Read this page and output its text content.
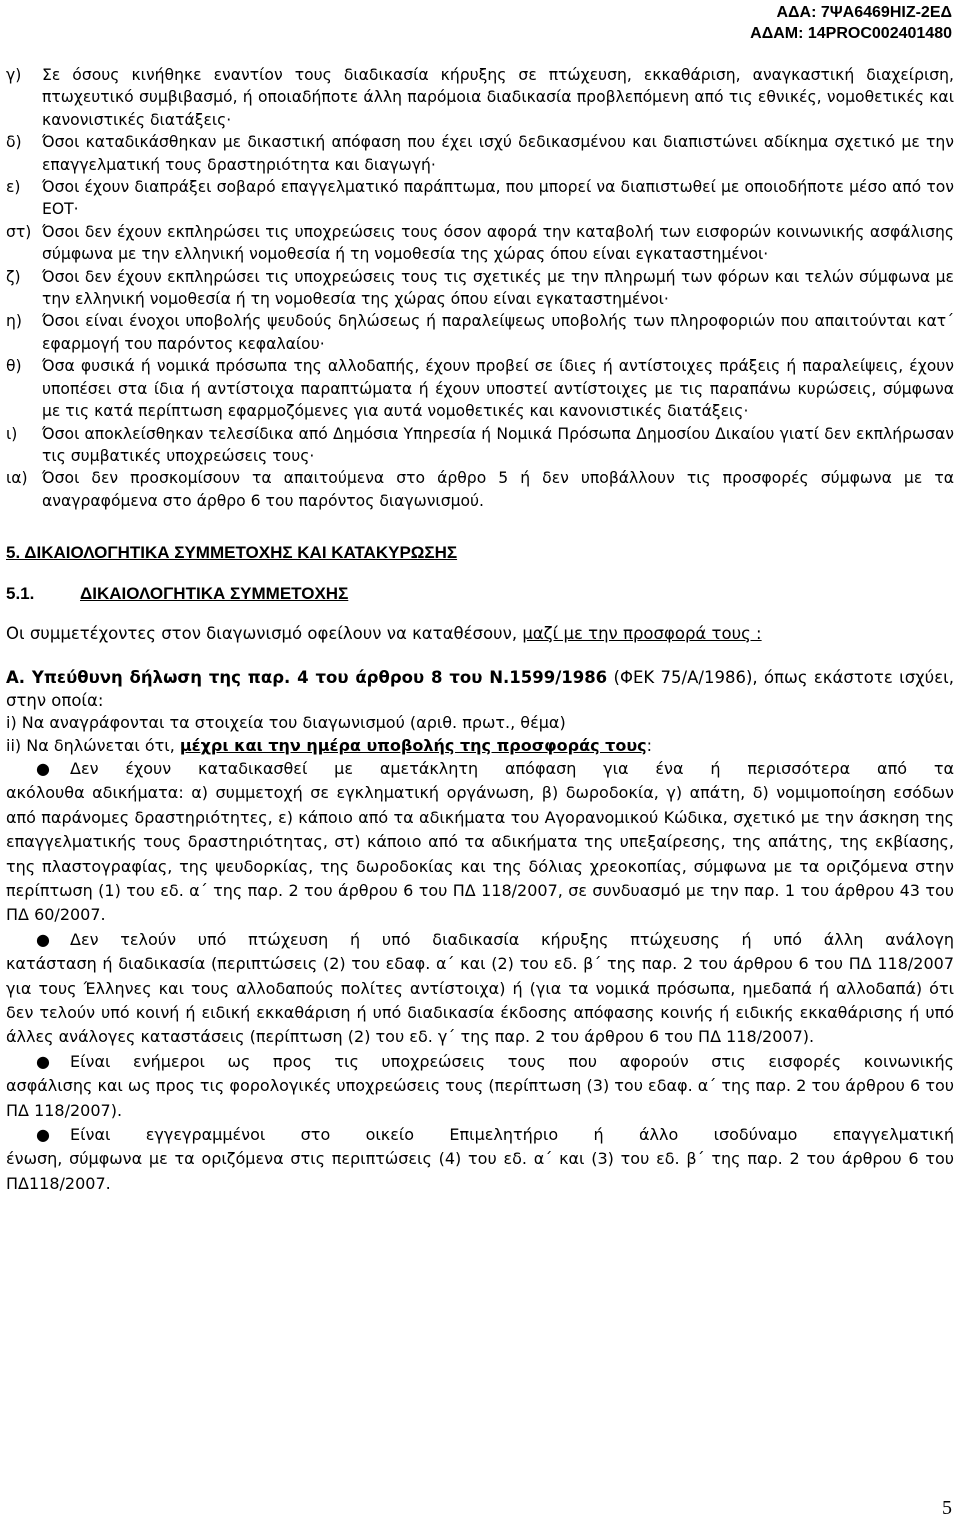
ΑΔΑ: 7ΨΑ6469ΗΙΖ-2ΕΔ
ΑΔΑΜ: 14PROC002401480
γ)	Σε όσους κινήθηκε εναντίον τους διαδικασία κήρυξης σε πτώχευση, εκκαθάριση, αναγκαστική διαχείριση, πτωχευτικό συμβιβασμό, ή οποιαδήποτε άλλη παρόμοια διαδικασία προβλεπόμενη από τις εθνικές, νομοθετικές και κανονιστικές διατάξεις·
δ)	Όσοι καταδικάσθηκαν με δικαστική απόφαση που έχει ισχύ δεδικασμένου και διαπιστώνει αδίκημα σχετικό με την επαγγελματική τους δραστηριότητα και διαγωγή·
ε)	Όσοι έχουν διαπράξει σοβαρό επαγγελματικό παράπτωμα, που μπορεί να διαπιστωθεί με οποιοδήποτε μέσο από τον ΕΟΤ·
στ) Όσοι δεν έχουν εκπληρώσει τις υποχρεώσεις τους όσον αφορά την καταβολή των εισφορών κοινωνικής ασφάλισης σύμφωνα με την ελληνική νομοθεσία ή τη νομοθεσία της χώρας όπου είναι εγκαταστημένοι·
ζ)	Όσοι δεν έχουν εκπληρώσει τις υποχρεώσεις τους τις σχετικές με την πληρωμή των φόρων και τελών σύμφωνα με την ελληνική νομοθεσία ή τη νομοθεσία της χώρας όπου είναι εγκαταστημένοι·
η)	Όσοι είναι ένοχοι υποβολής ψευδούς δηλώσεως ή παραλείψεως υποβολής των πληροφοριών που απαιτούνται κατ΄ εφαρμογή του παρόντος κεφαλαίου·
θ)	Όσα φυσικά ή νομικά πρόσωπα της αλλοδαπής, έχουν προβεί σε ίδιες ή αντίστοιχες πράξεις ή παραλείψεις, έχουν υποπέσει στα ίδια ή αντίστοιχα παραπτώματα ή έχουν υποστεί αντίστοιχες με τις παραπάνω κυρώσεις, σύμφωνα με τις κατά περίπτωση εφαρμοζόμενες για αυτά νομοθετικές και κανονιστικές διατάξεις·
ι)	Όσοι αποκλείσθηκαν τελεσίδικα από Δημόσια Υπηρεσία ή Νομικά Πρόσωπα Δημοσίου Δικαίου γιατί δεν εκπλήρωσαν τις συμβατικές υποχρεώσεις τους·
ια) Όσοι δεν προσκομίσουν τα απαιτούμενα στο άρθρο 5 ή δεν υποβάλλουν τις προσφορές σύμφωνα με τα αναγραφόμενα στο άρθρο 6 του παρόντος διαγωνισμού.
5. ΔΙΚΑΙΟΛΟΓΗΤΙΚΑ ΣΥΜΜΕΤΟΧΗΣ ΚΑΙ ΚΑΤΑΚΥΡΩΣΗΣ
5.1.	ΔΙΚΑΙΟΛΟΓΗΤΙΚΑ ΣΥΜΜΕΤΟΧΗΣ
Οι συμμετέχοντες στον διαγωνισμό οφείλουν να καταθέσουν, μαζί με την προσφορά τους :
Α. Υπεύθυνη δήλωση της παρ. 4 του άρθρου 8 του Ν.1599/1986 (ΦΕΚ 75/Α/1986), όπως εκάστοτε ισχύει, στην οποία:
i) Να αναγράφονται τα στοιχεία του διαγωνισμού (αριθ. πρωτ., θέμα)
ii) Να δηλώνεται ότι, μέχρι και την ημέρα υποβολής της προσφοράς τους:
●	Δεν έχουν καταδικασθεί με αμετάκλητη απόφαση για ένα ή περισσότερα από τα
ακόλουθα αδικήματα: α) συμμετοχή σε εγκληματική οργάνωση, β) δωροδοκία, γ) απάτη, δ) νομιμοποίηση εσόδων από παράνομες δραστηριότητες, ε) κάποιο από τα αδικήματα του Αγορανομικού Κώδικα, σχετικό με την άσκηση της επαγγελματικής τους δραστηριότητας, στ) κάποιο από τα αδικήματα της υπεξαίρεσης, της απάτης, της εκβίασης, της πλαστογραφίας, της ψευδορκίας, της δωροδοκίας και της δόλιας χρεοκοπίας, σύμφωνα με τα οριζόμενα στην περίπτωση (1) του εδ. α΄ της παρ. 2 του άρθρου 6 του ΠΔ 118/2007, σε συνδυασμό με την παρ. 1 του άρθρου 43 του ΠΔ 60/2007.
●	Δεν τελούν υπό πτώχευση ή υπό διαδικασία κήρυξης πτώχευσης ή υπό άλλη ανάλογη
κατάσταση ή διαδικασία (περιπτώσεις (2) του εδαφ. α΄ και (2) του εδ. β΄ της παρ. 2 του άρθρου 6 του ΠΔ 118/2007 για τους Έλληνες και τους αλλοδαπούς πολίτες αντίστοιχα) ή (για τα νομικά πρόσωπα, ημεδαπά ή αλλοδαπά) ότι δεν τελούν υπό κοινή ή ειδική εκκαθάριση ή υπό διαδικασία έκδοσης απόφασης κοινής ή ειδικής εκκαθάρισης ή υπό άλλες ανάλογες καταστάσεις (περίπτωση (2) του εδ. γ΄ της παρ. 2 του άρθρου 6 του ΠΔ 118/2007).
●	Είναι ενήμεροι ως προς τις υποχρεώσεις τους που αφορούν στις εισφορές κοινωνικής
ασφάλισης και ως προς τις φορολογικές υποχρεώσεις τους (περίπτωση (3) του εδαφ. α΄ της παρ. 2 του άρθρου 6 του ΠΔ 118/2007).
●	Είναι εγγεγραμμένοι στο οικείο Επιμελητήριο ή άλλο ισοδύναμο επαγγελματική
ένωση, σύμφωνα με τα οριζόμενα στις περιπτώσεις (4) του εδ. α΄ και (3) του εδ. β΄ της παρ. 2 του άρθρου 6 του ΠΔ118/2007.
5
